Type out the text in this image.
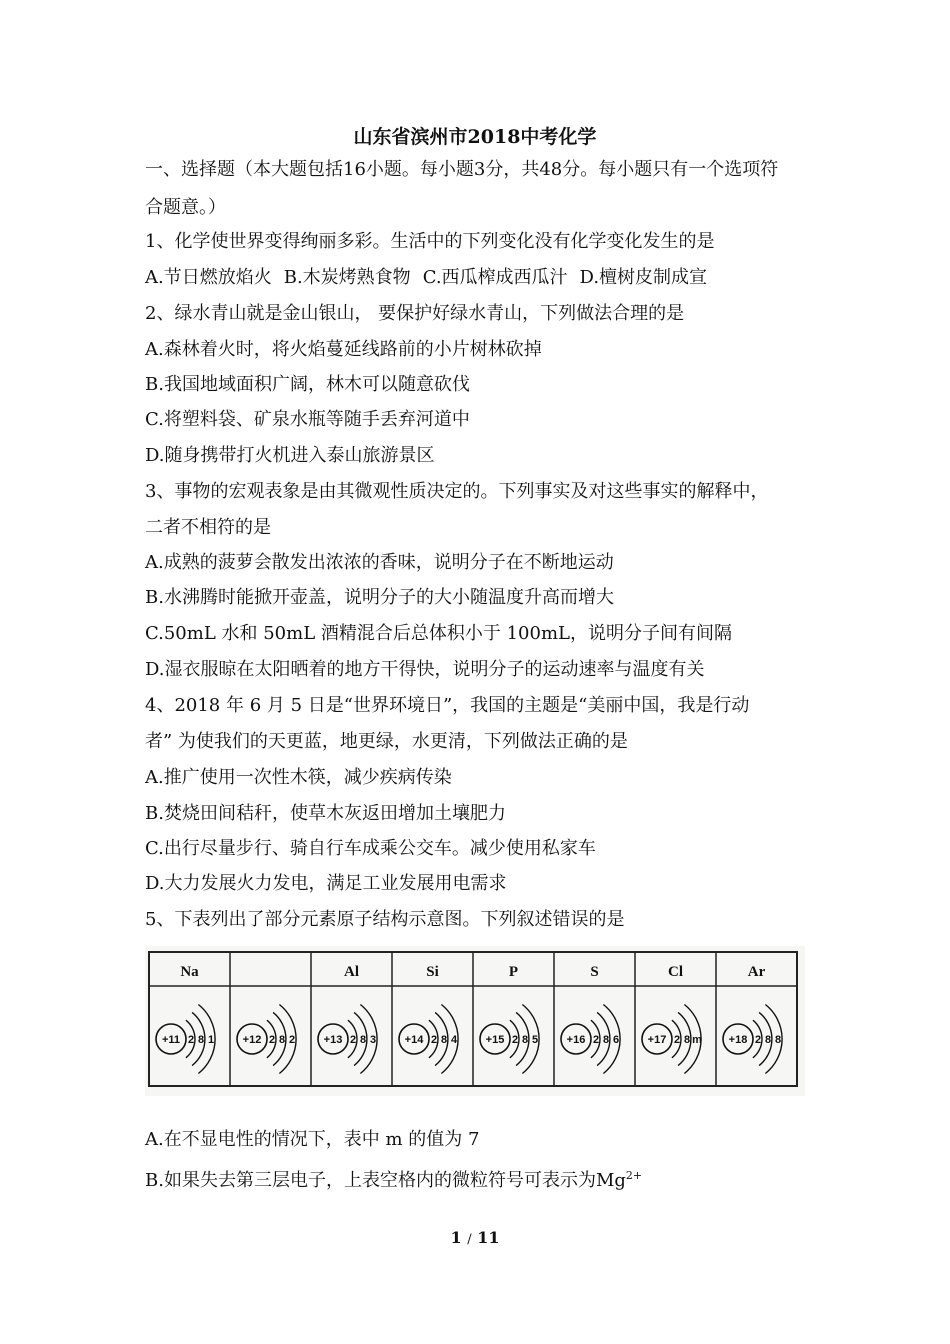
山东省滨州市2018中考化学
一、选择题（本大题包括16小题。每小题3分，共48分。每小题只有一个选项符
合题意。）
1、化学使世界变得绚丽多彩。生活中的下列变化没有化学变化发生的是
A.节日燃放焰火 B.木炭烤熟食物 C.西瓜榨成西瓜汁 D.檀树皮制成宣
2、绿水青山就是金山银山， 要保护好绿水青山，下列做法合理的是
A.森林着火时，将火焰蔓延线路前的小片树林砍掉
B.我国地域面积广阔，林木可以随意砍伐
C.将塑料袋、矿泉水瓶等随手丢弃河道中
D.随身携带打火机进入泰山旅游景区
3、事物的宏观表象是由其微观性质决定的。下列事实及对这些事实的解释中，
二者不相符的是
A.成熟的菠萝会散发出浓浓的香味，说明分子在不断地运动
B.水沸腾时能掀开壶盖，说明分子的大小随温度升高而增大
C.50mL 水和 50mL 酒精混合后总体积小于 100mL，说明分子间有间隔
D.湿衣服晾在太阳晒着的地方干得快，说明分子的运动速率与温度有关
4、2018 年 6 月 5 日是“世界环境日”，我国的主题是“美丽中国，我是行动
者” 为使我们的天更蓝，地更绿，水更清，下列做法正确的是
A.推广使用一次性木筷，减少疾病传染
B.焚烧田间秸秆，使草木灰返田增加土壤肥力
C.出行尽量步行、骑自行车成乘公交车。减少使用私家车
D.大力发展火力发电，满足工业发展用电需求
5、下表列出了部分元素原子结构示意图。下列叙述错误的是
Na
+11 2 8 1	+12 2 8 2
Al
+13 2 8 3
Si
+14 2 8 4
P
+15 2 8 5
S
+16 2 8 6
Cl
+17 2 8 m
Ar
+18 2 8 8
A.在不显电性的情况下，表中 m 的值为 7
B.如果失去第三层电子，上表空格内的微粒符号可表示为$Mg^{2+}$
1 / 11
